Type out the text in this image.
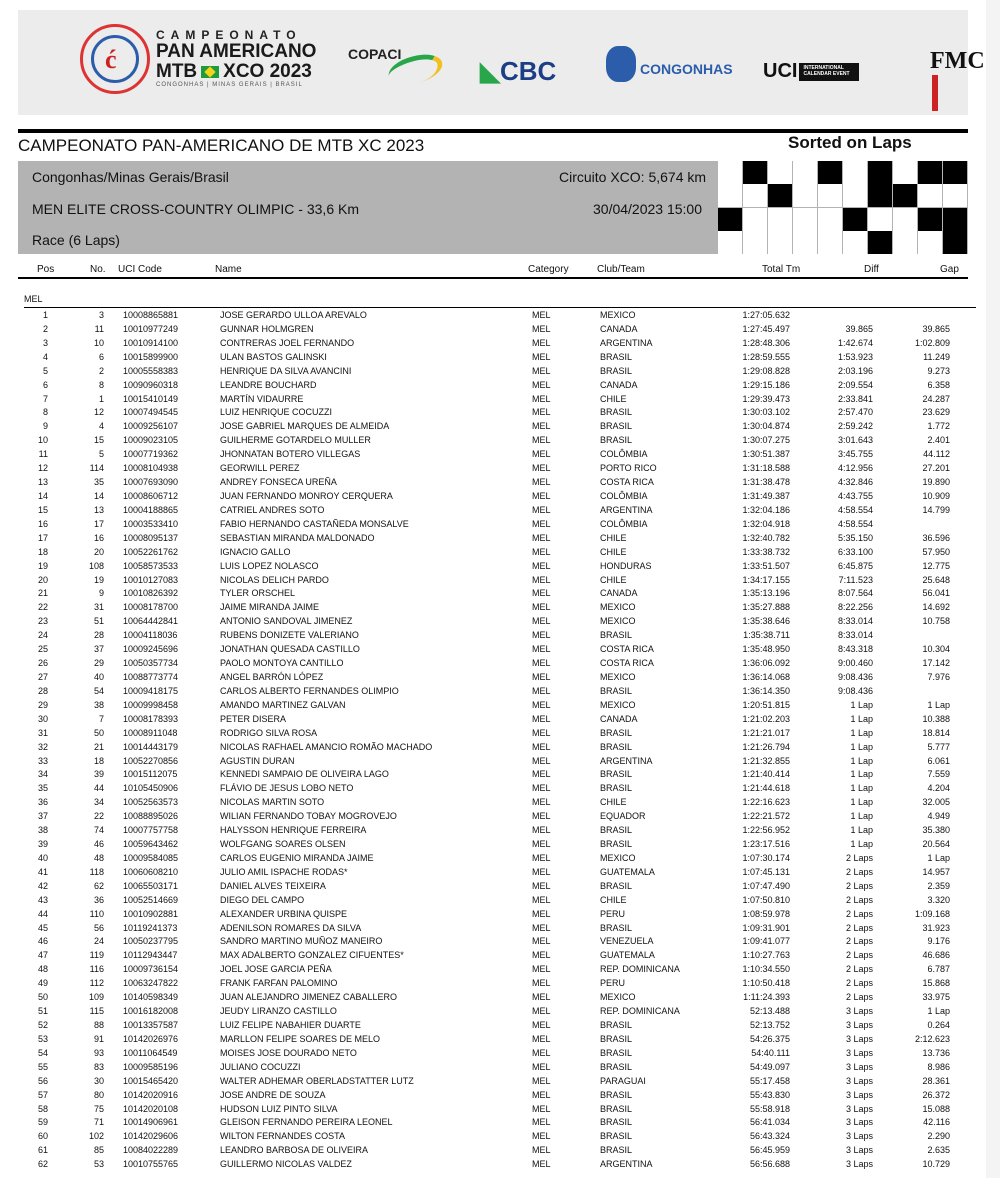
ć
CAMPEONATO
PAN AMERICANO
MTB XCO 2023
CONGONHAS | MINAS GERAIS | BRASIL
COPACI
◣CBC	CONGONHAS UCI INTERNATIONAL CALENDAR EVENT	FMC
CAMPEONATO PAN-AMERICANO DE MTB XC 2023	Sorted on Laps
Congonhas/Minas Gerais/Brasil	Circuito XCO: 5,674 km
MEN ELITE CROSS-COUNTRY OLIMPIC - 33,6 Km	30/04/2023 15:00
Race (6 Laps)
Pos	No. UCI Code	Name	Category	Club/Team	Total Tm	Diff	Gap
MEL
1	3 10008865881	JOSE GERARDO ULLOA AREVALO	MEL	MEXICO	1:27:05.632
2	11 10010977249	GUNNAR HOLMGREN	MEL	CANADA	1:27:45.497	39.865	39.865
3	10 10010914100	CONTRERAS JOEL FERNANDO	MEL	ARGENTINA	1:28:48.306	1:42.674	1:02.809
4	6 10015899900	ULAN BASTOS GALINSKI	MEL	BRASIL	1:28:59.555	1:53.923	11.249
5	2 10005558383	HENRIQUE DA SILVA AVANCINI	MEL	BRASIL	1:29:08.828	2:03.196	9.273
6	8 10090960318	LEANDRE BOUCHARD	MEL	CANADA	1:29:15.186	2:09.554	6.358
7	1 10015410149	MARTÍN VIDAURRE	MEL	CHILE	1:29:39.473	2:33.841	24.287
8	12 10007494545	LUIZ HENRIQUE COCUZZI	MEL	BRASIL	1:30:03.102	2:57.470	23.629
9	4 10009256107	JOSE GABRIEL MARQUES DE ALMEIDA	MEL	BRASIL	1:30:04.874	2:59.242	1.772
10	15 10009023105	GUILHERME GOTARDELO MULLER	MEL	BRASIL	1:30:07.275	3:01.643	2.401
11	5 10007719362	JHONNATAN BOTERO VILLEGAS	MEL	COLÔMBIA	1:30:51.387	3:45.755	44.112
12	114 10008104938	GEORWILL PEREZ	MEL	PORTO RICO	1:31:18.588	4:12.956	27.201
13	35 10007693090	ANDREY FONSECA UREÑA	MEL	COSTA RICA	1:31:38.478	4:32.846	19.890
14	14 10008606712	JUAN FERNANDO MONROY CERQUERA	MEL	COLÔMBIA	1:31:49.387	4:43.755	10.909
15	13 10004188865	CATRIEL ANDRES SOTO	MEL	ARGENTINA	1:32:04.186	4:58.554	14.799
16	17 10003533410	FABIO HERNANDO CASTAÑEDA MONSALVE	MEL	COLÔMBIA	1:32:04.918	4:58.554
17	16 10008095137	SEBASTIAN MIRANDA MALDONADO	MEL	CHILE	1:32:40.782	5:35.150	36.596
18	20 10052261762	IGNACIO GALLO	MEL	CHILE	1:33:38.732	6:33.100	57.950
19	108 10058573533	LUIS LOPEZ NOLASCO	MEL	HONDURAS	1:33:51.507	6:45.875	12.775
20	19 10010127083	NICOLAS DELICH PARDO	MEL	CHILE	1:34:17.155	7:11.523	25.648
21	9 10010826392	TYLER ORSCHEL	MEL	CANADA	1:35:13.196	8:07.564	56.041
22	31 10008178700	JAIME MIRANDA JAIME	MEL	MEXICO	1:35:27.888	8:22.256	14.692
23	51 10064442841	ANTONIO SANDOVAL JIMENEZ	MEL	MEXICO	1:35:38.646	8:33.014	10.758
24	28 10004118036	RUBENS DONIZETE VALERIANO	MEL	BRASIL	1:35:38.711	8:33.014
25	37 10009245696	JONATHAN QUESADA CASTILLO	MEL	COSTA RICA	1:35:48.950	8:43.318	10.304
26	29 10050357734	PAOLO MONTOYA CANTILLO	MEL	COSTA RICA	1:36:06.092	9:00.460	17.142
27	40 10088773774	ANGEL BARRÓN LÓPEZ	MEL	MEXICO	1:36:14.068	9:08.436	7.976
28	54 10009418175	CARLOS ALBERTO FERNANDES OLIMPIO	MEL	BRASIL	1:36:14.350	9:08.436
29	38 10009998458	AMANDO MARTINEZ GALVAN	MEL	MEXICO	1:20:51.815	1 Lap	1 Lap
30	7 10008178393	PETER DISERA	MEL	CANADA	1:21:02.203	1 Lap	10.388
31	50 10008911048	RODRIGO SILVA ROSA	MEL	BRASIL	1:21:21.017	1 Lap	18.814
32	21 10014443179	NICOLAS RAFHAEL AMANCIO ROMÃO MACHADO	MEL	BRASIL	1:21:26.794	1 Lap	5.777
33	18 10052270856	AGUSTIN DURAN	MEL	ARGENTINA	1:21:32.855	1 Lap	6.061
34	39 10015112075	KENNEDI SAMPAIO DE OLIVEIRA LAGO	MEL	BRASIL	1:21:40.414	1 Lap	7.559
35	44 10105450906	FLÁVIO DE JESUS LOBO NETO	MEL	BRASIL	1:21:44.618	1 Lap	4.204
36	34 10052563573	NICOLAS MARTIN SOTO	MEL	CHILE	1:22:16.623	1 Lap	32.005
37	22 10088895026	WILIAN FERNANDO TOBAY MOGROVEJO	MEL	EQUADOR	1:22:21.572	1 Lap	4.949
38	74 10007757758	HALYSSON HENRIQUE FERREIRA	MEL	BRASIL	1:22:56.952	1 Lap	35.380
39	46 10059643462	WOLFGANG SOARES OLSEN	MEL	BRASIL	1:23:17.516	1 Lap	20.564
40	48 10009584085	CARLOS EUGENIO MIRANDA JAIME	MEL	MEXICO	1:07:30.174	2 Laps	1 Lap
41	118 10060608210	JULIO AMIL ISPACHE RODAS*	MEL	GUATEMALA	1:07:45.131	2 Laps	14.957
42	62 10065503171	DANIEL ALVES TEIXEIRA	MEL	BRASIL	1:07:47.490	2 Laps	2.359
43	36 10052514669	DIEGO DEL CAMPO	MEL	CHILE	1:07:50.810	2 Laps	3.320
44	110 10010902881	ALEXANDER URBINA QUISPE	MEL	PERU	1:08:59.978	2 Laps	1:09.168
45	56 10119241373	ADENILSON ROMARES DA SILVA	MEL	BRASIL	1:09:31.901	2 Laps	31.923
46	24 10050237795	SANDRO MARTINO MUÑOZ MANEIRO	MEL	VENEZUELA	1:09:41.077	2 Laps	9.176
47	119 10112943447	MAX ADALBERTO GONZALEZ CIFUENTES*	MEL	GUATEMALA	1:10:27.763	2 Laps	46.686
48	116 10009736154	JOEL JOSE GARCIA PEÑA	MEL	REP. DOMINICANA	1:10:34.550	2 Laps	6.787
49	112 10063247822	FRANK FARFAN PALOMINO	MEL	PERU	1:10:50.418	2 Laps	15.868
50	109 10140598349	JUAN ALEJANDRO JIMENEZ CABALLERO	MEL	MEXICO	1:11:24.393	2 Laps	33.975
51	115 10016182008	JEUDY LIRANZO CASTILLO	MEL	REP. DOMINICANA	52:13.488	3 Laps	1 Lap
52	88 10013357587	LUIZ FELIPE NABAHIER DUARTE	MEL	BRASIL	52:13.752	3 Laps	0.264
53	91 10142026976	MARLLON FELIPE SOARES DE MELO	MEL	BRASIL	54:26.375	3 Laps	2:12.623
54	93 10011064549	MOISES JOSE DOURADO NETO	MEL	BRASIL	54:40.111	3 Laps	13.736
55	83 10009585196	JULIANO COCUZZI	MEL	BRASIL	54:49.097	3 Laps	8.986
56	30 10015465420	WALTER ADHEMAR OBERLADSTATTER LUTZ	MEL	PARAGUAI	55:17.458	3 Laps	28.361
57	80 10142020916	JOSE ANDRE DE SOUZA	MEL	BRASIL	55:43.830	3 Laps	26.372
58	75 10142020108	HUDSON LUIZ PINTO SILVA	MEL	BRASIL	55:58.918	3 Laps	15.088
59	71 10014906961	GLEISON FERNANDO PEREIRA LEONEL	MEL	BRASIL	56:41.034	3 Laps	42.116
60	102 10142029606	WILTON FERNANDES COSTA	MEL	BRASIL	56:43.324	3 Laps	2.290
61	85 10084022289	LEANDRO BARBOSA DE OLIVEIRA	MEL	BRASIL	56:45.959	3 Laps	2.635
62	53 10010755765	GUILLERMO NICOLAS VALDEZ	MEL	ARGENTINA	56:56.688	3 Laps	10.729
